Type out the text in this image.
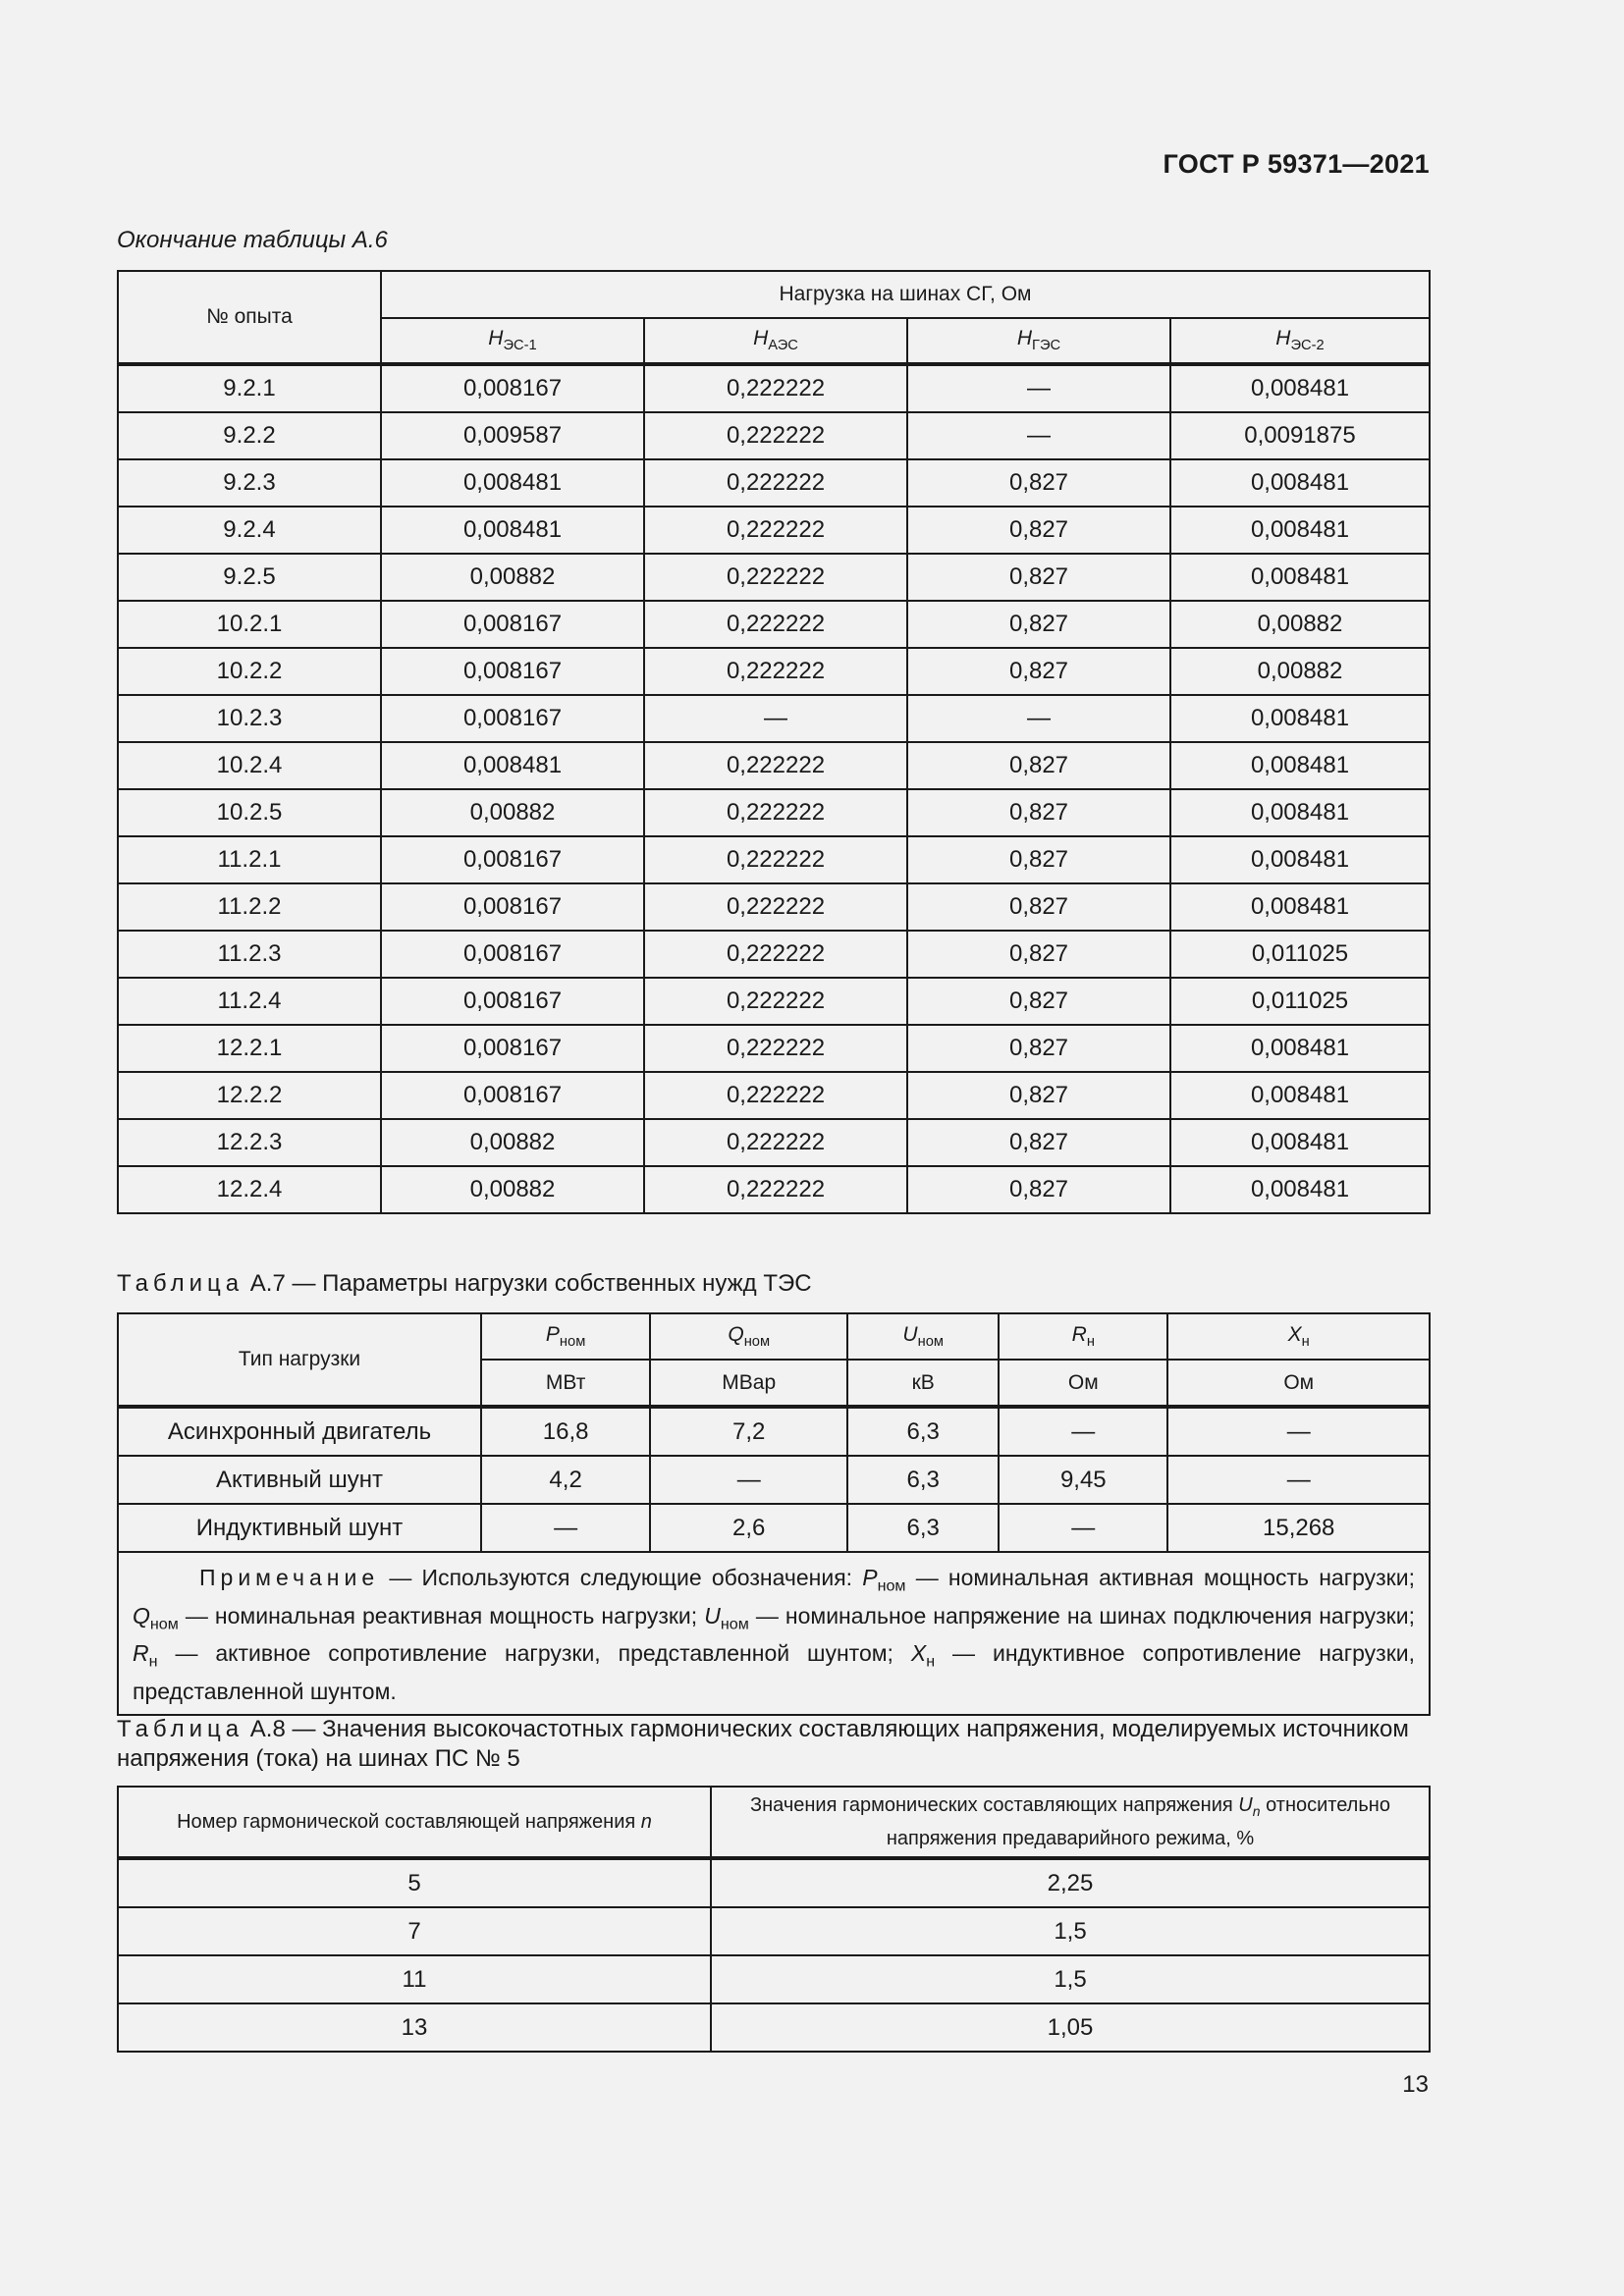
ГОСТ Р 59371—2021
Окончание таблицы А.6
№ опыта	Нагрузка на шинах СГ, Ом			
	$H_{ЭС-1}$	$H_{АЭС}$	$H_{ГЭС}$	$H_{ЭС-2}$
9.2.1	0,008167	0,222222	—	0,008481
9.2.2	0,009587	0,222222	—	0,0091875
9.2.3	0,008481	0,222222	0,827	0,008481
9.2.4	0,008481	0,222222	0,827	0,008481
9.2.5	0,00882	0,222222	0,827	0,008481
10.2.1	0,008167	0,222222	0,827	0,00882
10.2.2	0,008167	0,222222	0,827	0,00882
10.2.3	0,008167	—	—	0,008481
10.2.4	0,008481	0,222222	0,827	0,008481
10.2.5	0,00882	0,222222	0,827	0,008481
11.2.1	0,008167	0,222222	0,827	0,008481
11.2.2	0,008167	0,222222	0,827	0,008481
11.2.3	0,008167	0,222222	0,827	0,011025
11.2.4	0,008167	0,222222	0,827	0,011025
12.2.1	0,008167	0,222222	0,827	0,008481
12.2.2	0,008167	0,222222	0,827	0,008481
12.2.3	0,00882	0,222222	0,827	0,008481
12.2.4	0,00882	0,222222	0,827	0,008481
Таблица А.7 — Параметры нагрузки собственных нужд ТЭС
Тип нагрузки	$P_{ном}$	$Q_{ном}$	$U_{ном}$	$R_н$	$X_н$
	МВт	МВар	кВ	Ом	Ом
Асинхронный двигатель	16,8	7,2	6,3	—	—
Активный шунт	4,2	—	6,3	9,45	—
Индуктивный шунт	—	2,6	6,3	—	15,268
Примечание — Используются следующие обозначения: $P_{ном}$ — номинальная активная мощность нагрузки; $Q_{ном}$ — номинальная реактивная мощность нагрузки; $U_{ном}$ — номинальное напряжение на шинах подключения нагрузки; $R_н$ — активное сопротивление нагрузки, представленной шунтом; $X_н$ — индуктивное сопротивление нагрузки, представленной шунтом.					
Таблица А.8 — Значения высокочастотных гармонических составляющих напряжения, моделируемых источником напряжения (тока) на шинах ПС № 5
Номер гармонической составляющей напряжения n	Значения гармонических составляющих напряжения $U_n$ относительно напряжения предаварийного режима, %
5	2,25
7	1,5
11	1,5
13	1,05
13
